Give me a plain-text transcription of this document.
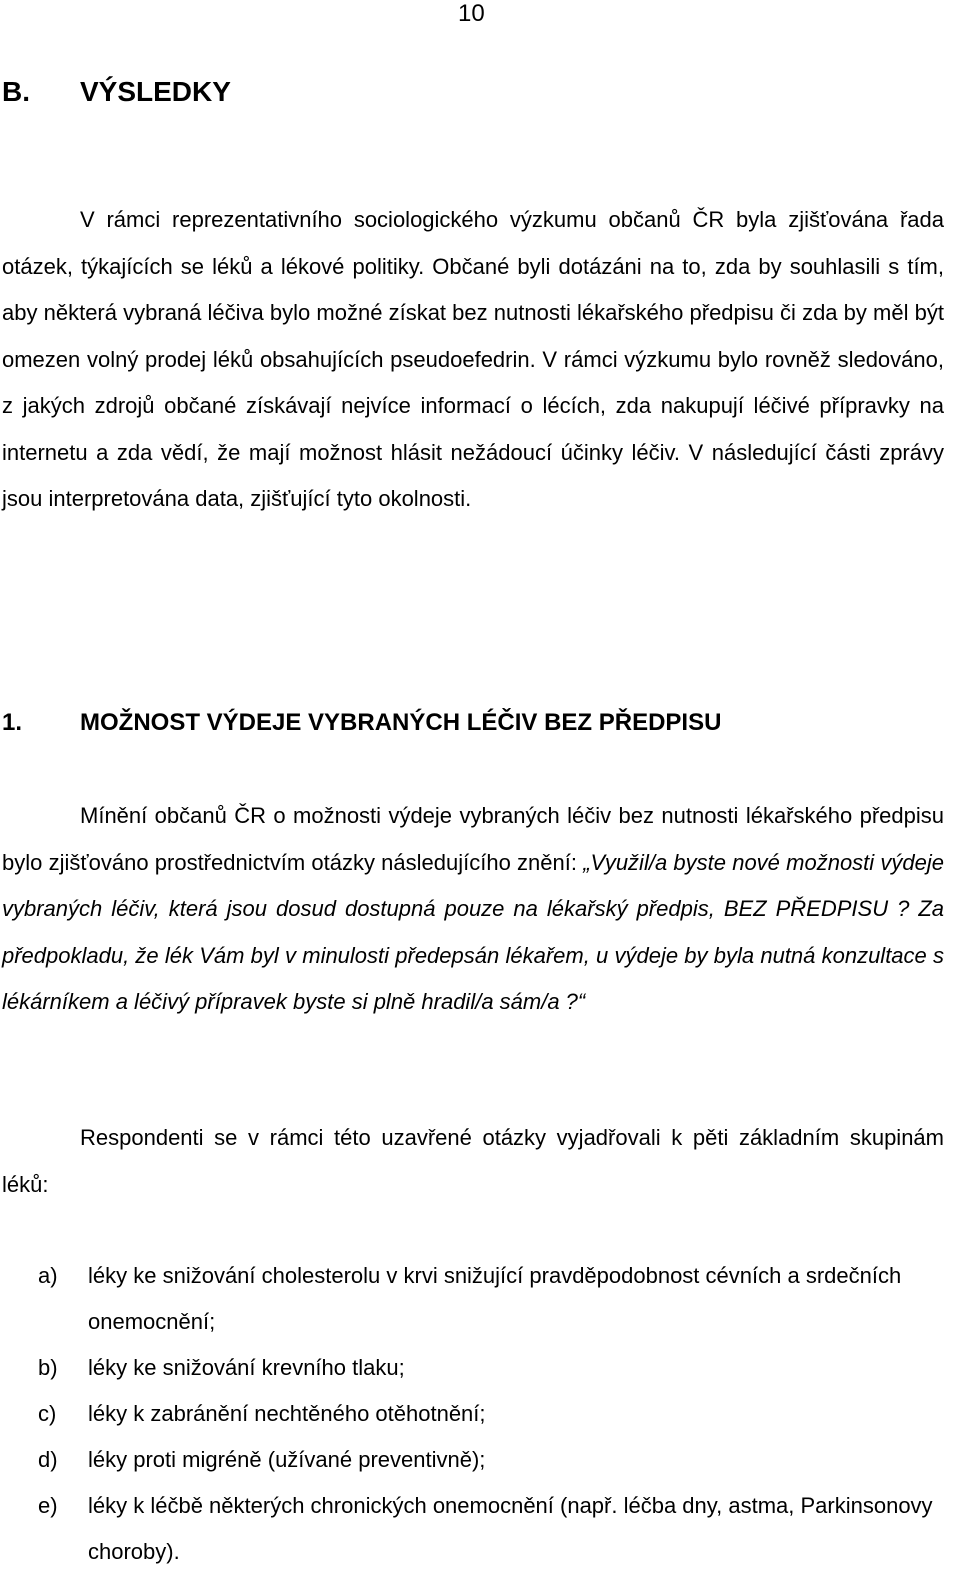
10
B. VÝSLEDKY

V rámci reprezentativního sociologického výzkumu občanů ČR byla zjišťována řada otázek, týkajících se léků a lékové politiky. Občané byli dotázáni na to, zda by souhlasili s tím, aby některá vybraná léčiva bylo možné získat bez nutnosti lékařského předpisu či zda by měl být omezen volný prodej léků obsahujících pseudoefedrin. V rámci výzkumu bylo rovněž sledováno, z jakých zdrojů občané získávají nejvíce informací o lécích, zda nakupují léčivé přípravky na internetu a zda vědí, že mají možnost hlásit nežádoucí účinky léčiv. V následující části zprávy jsou interpretována data, zjišťující tyto okolnosti.

1. MOŽNOST VÝDEJE VYBRANÝCH LÉČIV BEZ PŘEDPISU

Mínění občanů ČR o možnosti výdeje vybraných léčiv bez nutnosti lékařského předpisu bylo zjišťováno prostřednictvím otázky následujícího znění: „Využil/a byste nové možnosti výdeje vybraných léčiv, která jsou dosud dostupná pouze na lékařský předpis, BEZ PŘEDPISU ? Za předpokladu, že lék Vám byl v minulosti předepsán lékařem, u výdeje by byla nutná konzultace s lékárníkem a léčivý přípravek byste si plně hradil/a sám/a ?“

Respondenti se v rámci této uzavřené otázky vyjadřovali k pěti základním skupinám léků:

a)	léky ke snižování cholesterolu v krvi snižující pravděpodobnost cévních a srdečních onemocnění;
b)	léky ke snižování krevního tlaku;
c)	léky k zabránění nechtěného otěhotnění;
d)	léky proti migréně (užívané preventivně);
e)	léky k léčbě některých chronických onemocnění (např. léčba dny, astma, Parkinsonovy choroby).
